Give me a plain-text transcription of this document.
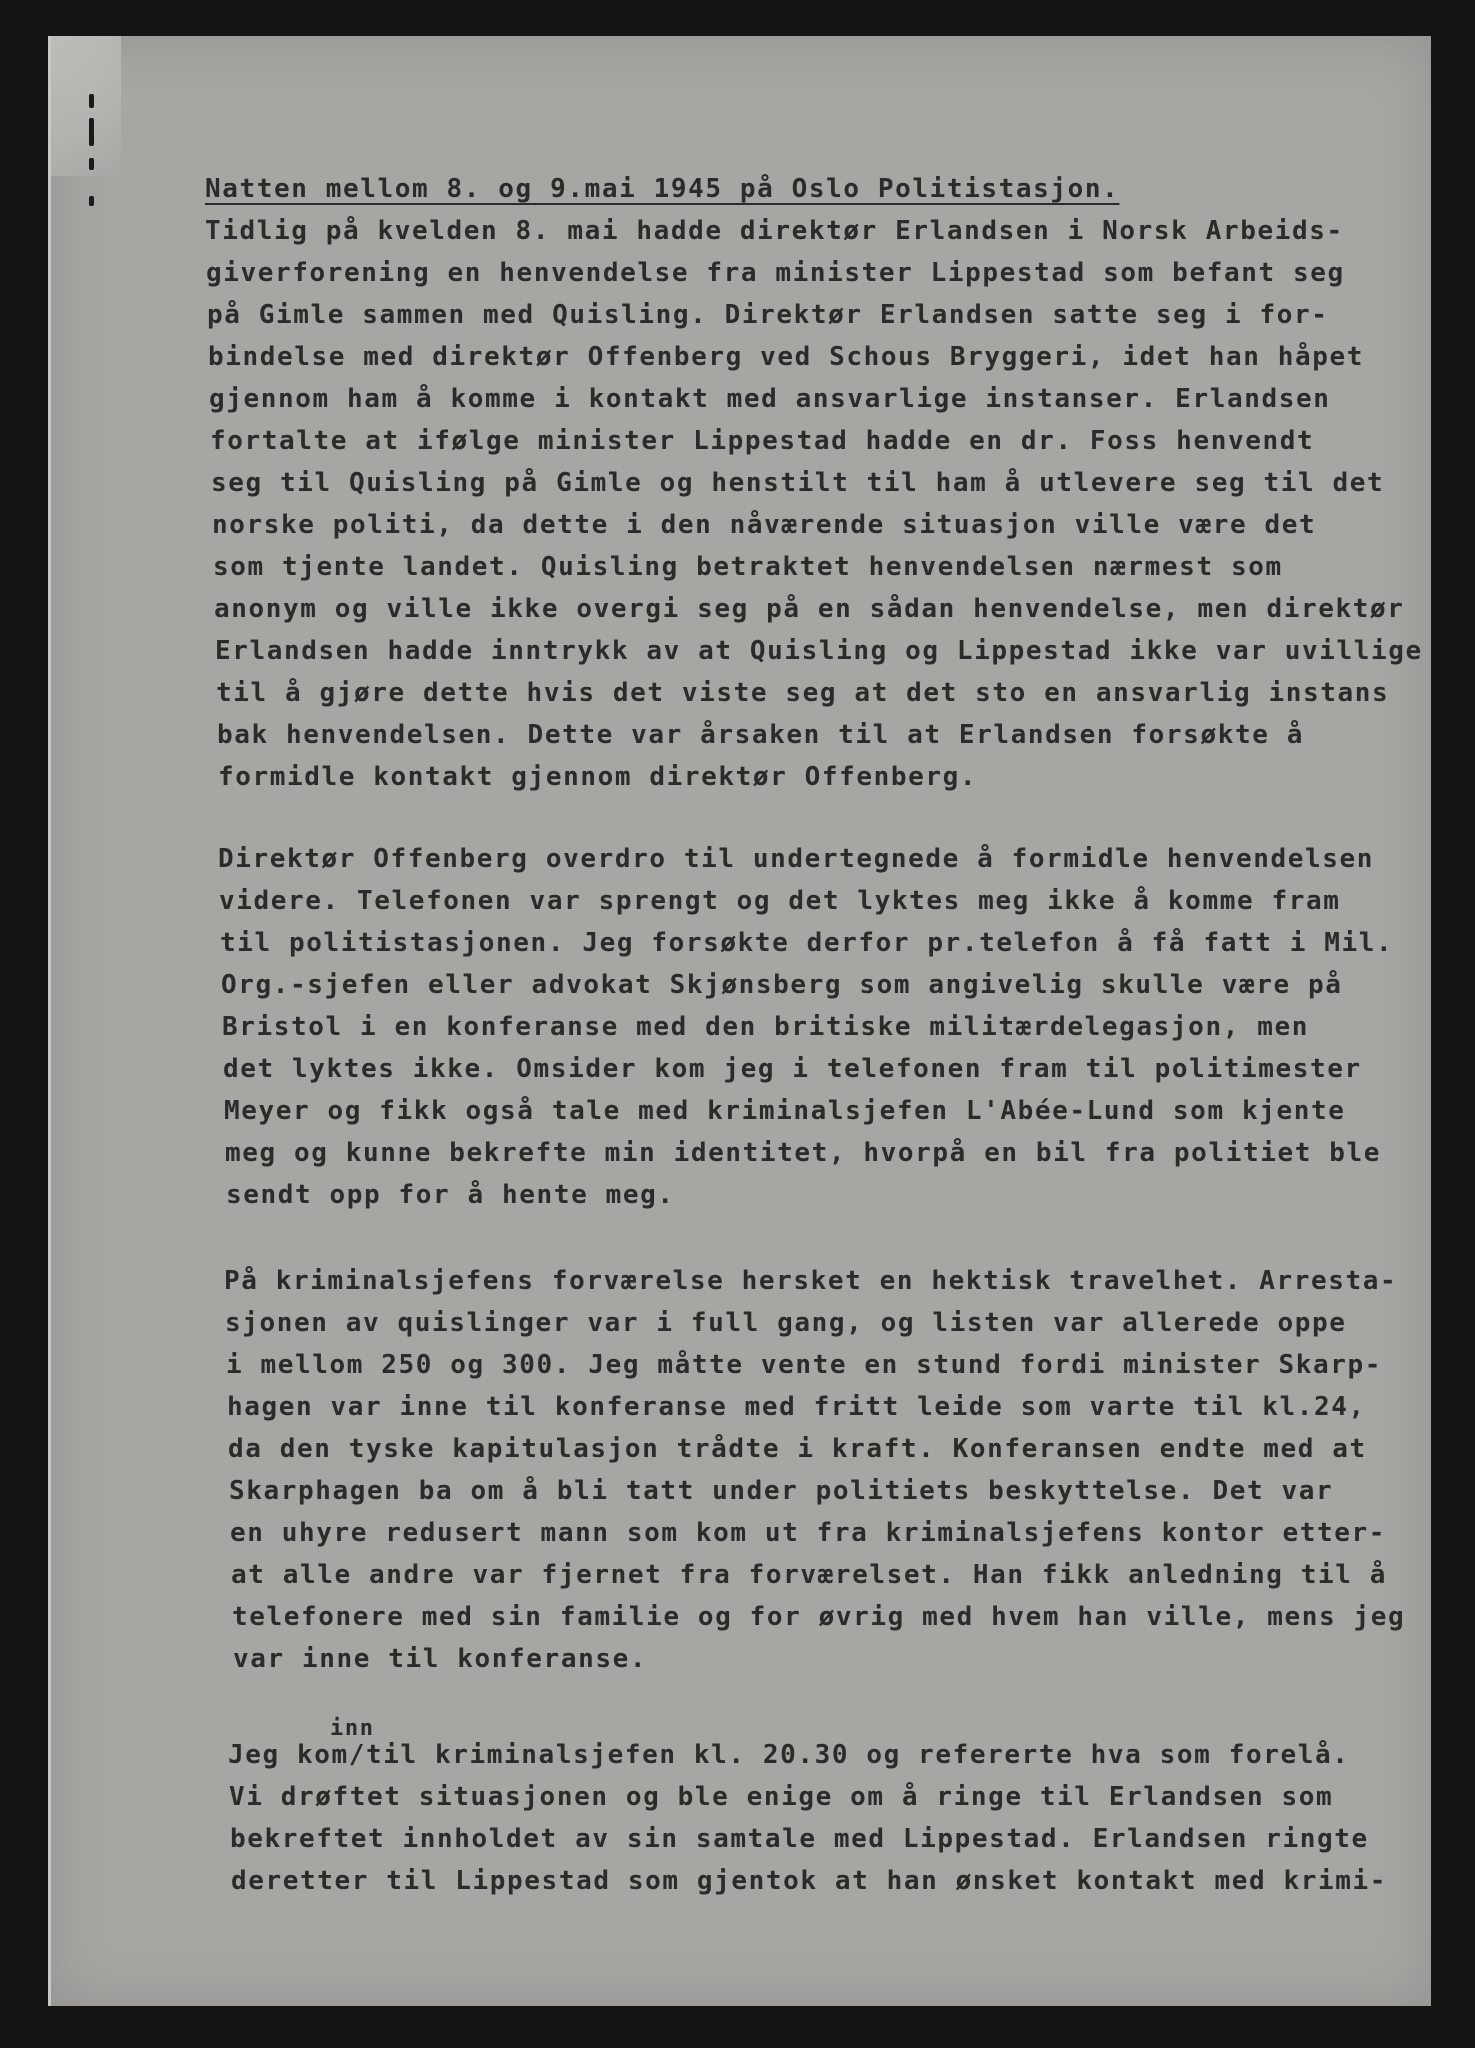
Natten mellom 8. og 9.mai 1945 på Oslo Politistasjon.
Tidlig på kvelden 8. mai hadde direktør Erlandsen i Norsk Arbeids-
giverforening en henvendelse fra minister Lippestad som befant seg
på Gimle sammen med Quisling. Direktør Erlandsen satte seg i for-
bindelse med direktør Offenberg ved Schous Bryggeri, idet han håpet
gjennom ham å komme i kontakt med ansvarlige instanser. Erlandsen
fortalte at ifølge minister Lippestad hadde en dr. Foss henvendt
seg til Quisling på Gimle og henstilt til ham å utlevere seg til det
norske politi, da dette i den nåværende situasjon ville være det
som tjente landet. Quisling betraktet henvendelsen nærmest som
anonym og ville ikke overgi seg på en sådan henvendelse, men direktør
Erlandsen hadde inntrykk av at Quisling og Lippestad ikke var uvillige
til å gjøre dette hvis det viste seg at det sto en ansvarlig instans
bak henvendelsen. Dette var årsaken til at Erlandsen forsøkte å
formidle kontakt gjennom direktør Offenberg.
Direktør Offenberg overdro til undertegnede å formidle henvendelsen
videre. Telefonen var sprengt og det lyktes meg ikke å komme fram
til politistasjonen. Jeg forsøkte derfor pr.telefon å få fatt i Mil.
Org.-sjefen eller advokat Skjønsberg som angivelig skulle være på
Bristol i en konferanse med den britiske militærdelegasjon, men
det lyktes ikke. Omsider kom jeg i telefonen fram til politimester
Meyer og fikk også tale med kriminalsjefen L'Abée-Lund som kjente
meg og kunne bekrefte min identitet, hvorpå en bil fra politiet ble
sendt opp for å hente meg.
På kriminalsjefens forværelse hersket en hektisk travelhet. Arresta-
sjonen av quislinger var i full gang, og listen var allerede oppe
i mellom 250 og 300. Jeg måtte vente en stund fordi minister Skarp-
hagen var inne til konferanse med fritt leide som varte til kl.24,
da den tyske kapitulasjon trådte i kraft. Konferansen endte med at
Skarphagen ba om å bli tatt under politiets beskyttelse. Det var
en uhyre redusert mann som kom ut fra kriminalsjefens kontor etter-
at alle andre var fjernet fra forværelset. Han fikk anledning til å
telefonere med sin familie og for øvrig med hvem han ville, mens jeg
var inne til konferanse.
inn
Jeg kom/til kriminalsjefen kl. 20.30 og refererte hva som forelå.
Vi drøftet situasjonen og ble enige om å ringe til Erlandsen som
bekreftet innholdet av sin samtale med Lippestad. Erlandsen ringte
deretter til Lippestad som gjentok at han ønsket kontakt med krimi-
